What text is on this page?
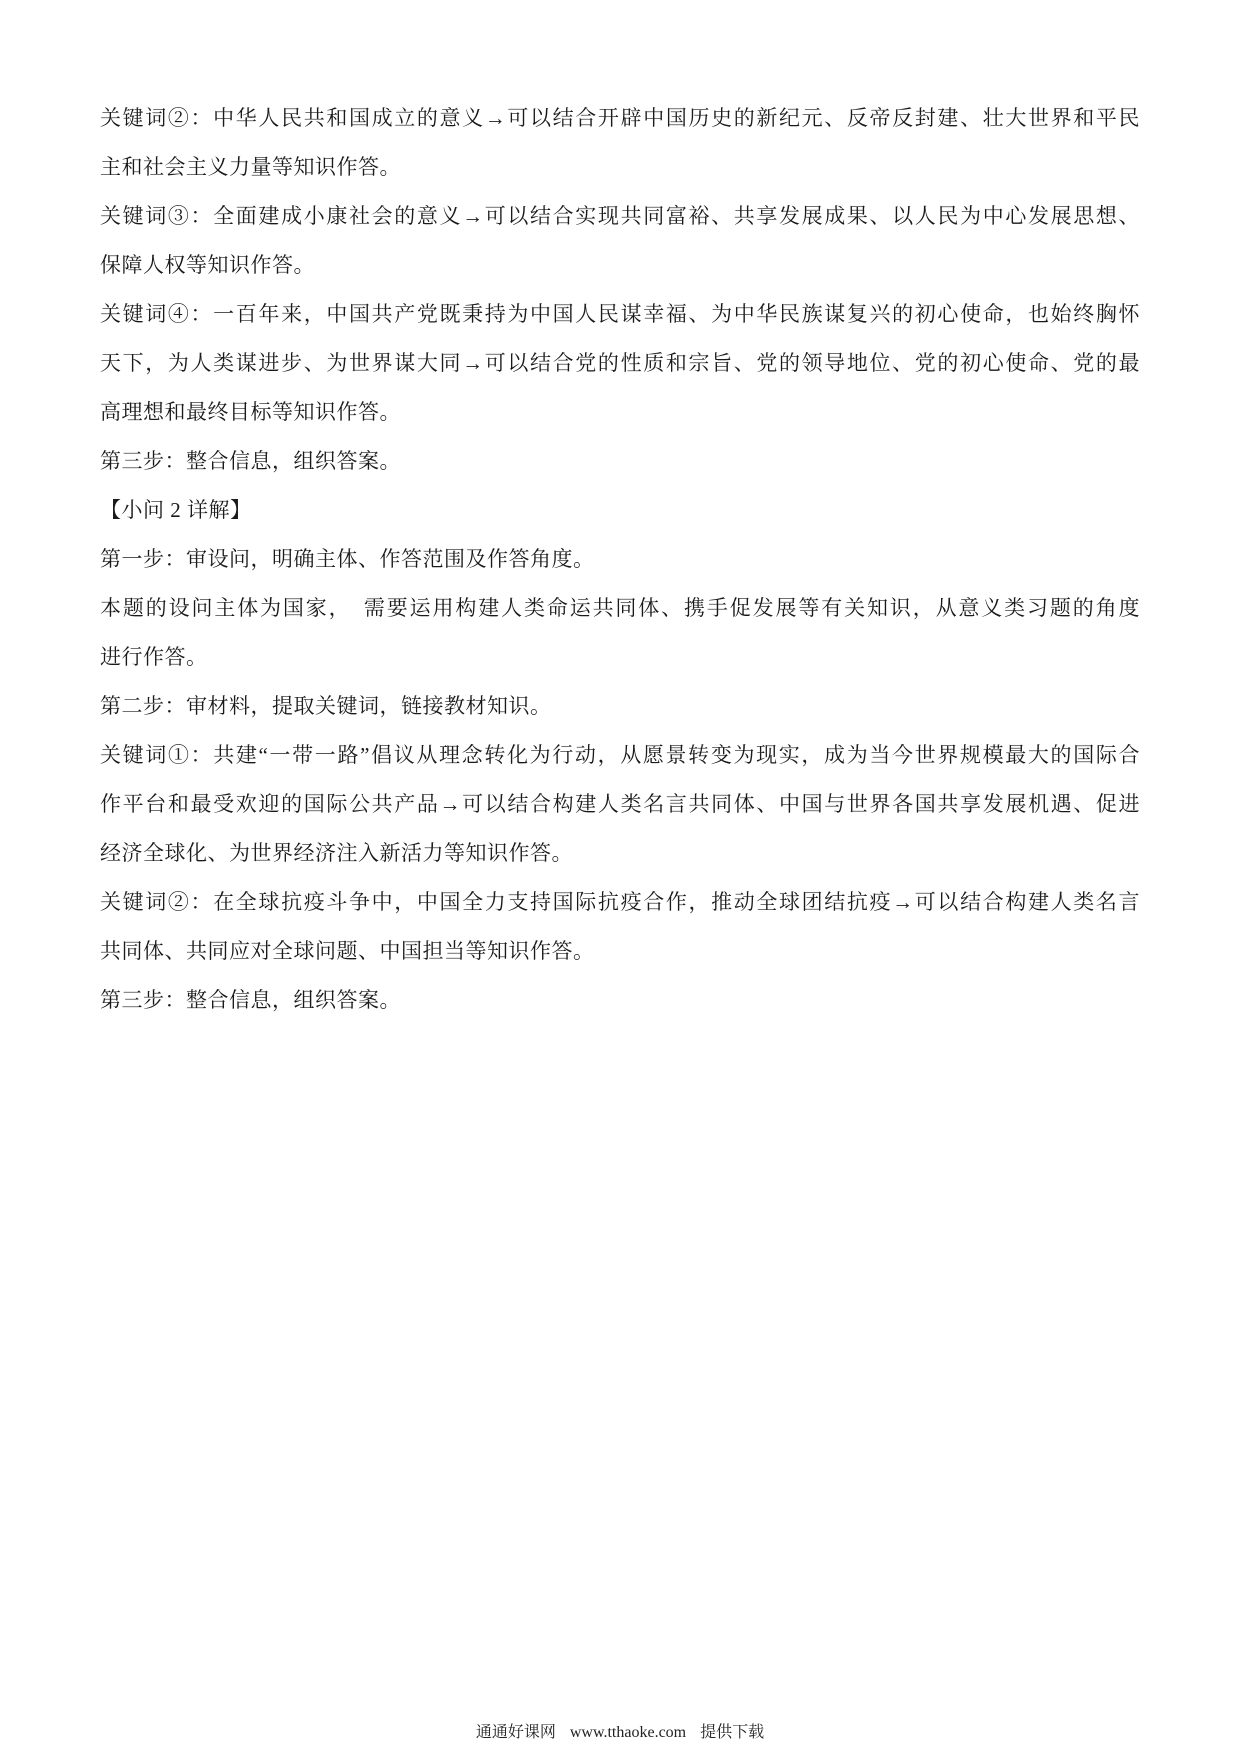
关键词②：中华人民共和国成立的意义→可以结合开辟中国历史的新纪元、反帝反封建、壮大世界和平民
主和社会主义力量等知识作答。

关键词③：全面建成小康社会的意义→可以结合实现共同富裕、共享发展成果、以人民为中心发展思想、
保障人权等知识作答。

关键词④：一百年来，中国共产党既秉持为中国人民谋幸福、为中华民族谋复兴的初心使命，也始终胸怀
天下，为人类谋进步、为世界谋大同→可以结合党的性质和宗旨、党的领导地位、党的初心使命、党的最
高理想和最终目标等知识作答。

第三步：整合信息，组织答案。

【小问 2 详解】

第一步：审设问，明确主体、作答范围及作答角度。

本题的设问主体为国家，　需要运用构建人类命运共同体、携手促发展等有关知识，从意义类习题的角度
进行作答。

第二步：审材料，提取关键词，链接教材知识。

关键词①：共建“一带一路”倡议从理念转化为行动，从愿景转变为现实，成为当今世界规模最大的国际合
作平台和最受欢迎的国际公共产品→可以结合构建人类名言共同体、中国与世界各国共享发展机遇、促进
经济全球化、为世界经济注入新活力等知识作答。

关键词②：在全球抗疫斗争中，中国全力支持国际抗疫合作，推动全球团结抗疫→可以结合构建人类名言
共同体、共同应对全球问题、中国担当等知识作答。

第三步：整合信息，组织答案。

通通好课网 www.tthaoke.com 提供下载
